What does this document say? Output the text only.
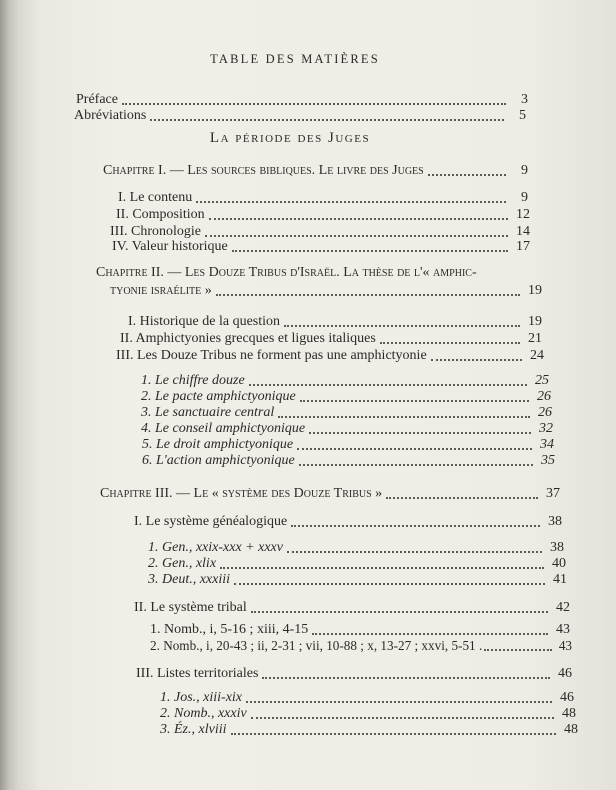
TABLE DES MATIÈRES
Préface	3
Abréviations	5
La période des Juges
Chapitre I. — Les sources bibliques. Le livre des Juges	9
I. Le contenu	9
II. Composition	12
III. Chronologie	14
IV. Valeur historique	17
Chapitre II. — Les Douze Tribus d'Israël. La thèse de l'« amphic-
tyonie israélite »	19
I. Historique de la question	19
II. Amphictyonies grecques et ligues italiques	21
III. Les Douze Tribus ne forment pas une amphictyonie	24
1. Le chiffre douze	25
2. Le pacte amphictyonique	26
3. Le sanctuaire central	26
4. Le conseil amphictyonique	32
5. Le droit amphictyonique	34
6. L'action amphictyonique	35
Chapitre III. — Le « système des Douze Tribus »	37
I. Le système généalogique	38
1. Gen., xxix-xxx + xxxv	38
2. Gen., xlix	40
3. Deut., xxxiii	41
II. Le système tribal	42
1. Nomb., i, 5-16 ; xiii, 4-15	43
2. Nomb., i, 20-43 ; ii, 2-31 ; vii, 10-88 ; x, 13-27 ; xxvi, 5-51 .	43
III. Listes territoriales	46
1. Jos., xiii-xix	46
2. Nomb., xxxiv	48
3. Éz., xlviii	48
